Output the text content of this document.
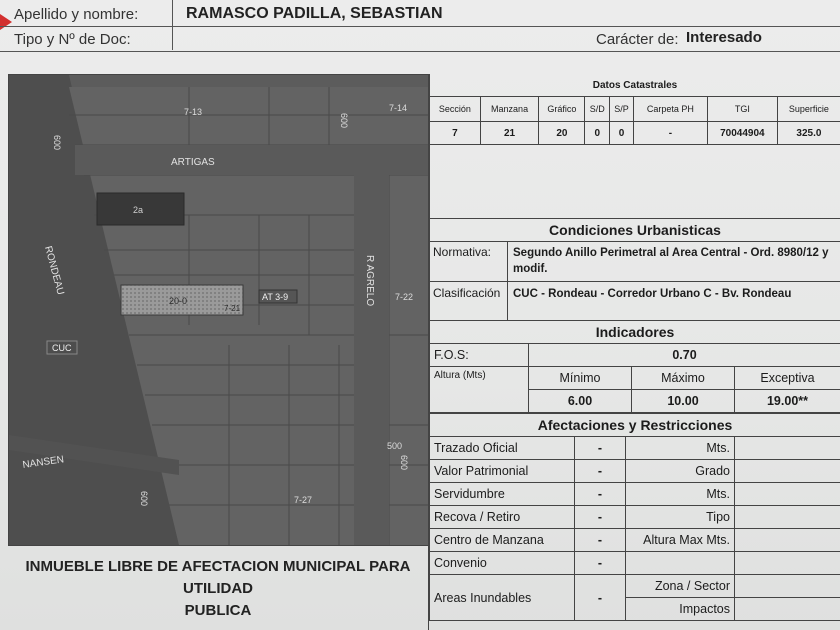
Apellido y nombre:	RAMASCO PADILLA, SEBASTIAN
Tipo y Nº de Doc:	Carácter de: Interesado
7-13	7-14
600
600
ARTIGAS
2a
RONDEAU
20-0
7-21
AT 3-9	R AGRELO 7-22
CUC
500
NANSEN
600
600
7-27
INMUEBLE LIBRE DE AFECTACION MUNICIPAL PARA UTILIDAD
PUBLICA
Datos Catastrales							
Sección	Manzana	Gráfico	S/D	S/P	Carpeta PH	TGI	Superficie
7	21	20	0	0	-	70044904	325.0

Condiciones Urbanisticas
Normativa: Segundo Anillo Perimetral al Area Central - Ord. 8980/12 y modif.
Clasificación CUC - Rondeau - Corredor Urbano C - Bv. Rondeau
Indicadores
F.O.S:	0.70		
Altura (Mts)	Mínimo	Máximo	Exceptiva
	6.00	10.00	19.00**
Afectaciones y Restricciones
Trazado Oficial	-	Mts.	
Valor Patrimonial	-	Grado	
Servidumbre	-	Mts.	
Recova / Retiro	-	Tipo	
Centro de Manzana	-	Altura Max Mts.	
Convenio	-		
Areas Inundables	-	Zona / Sector	
		Impactos	
